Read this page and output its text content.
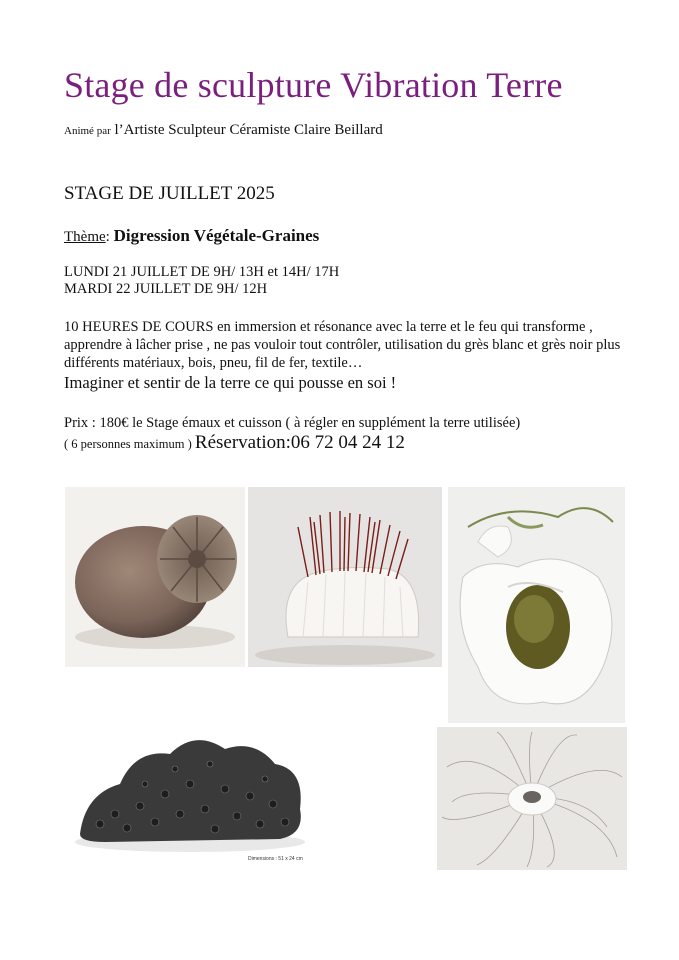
Stage de sculpture Vibration Terre
Animé par l’Artiste Sculpteur Céramiste Claire Beillard
STAGE DE JUILLET 2025
Thème: Digression Végétale-Graines
LUNDI 21 JUILLET DE 9H/ 13H et 14H/ 17H
MARDI 22 JUILLET DE 9H/ 12H
10 HEURES DE COURS en immersion et résonance avec la terre et le feu qui transforme , apprendre à lâcher prise , ne pas vouloir tout contrôler, utilisation du grès blanc et grès noir plus différents matériaux, bois, pneu, fil de fer, textile…
Imaginer et sentir de la terre ce qui pousse en soi !
Prix : 180€ le Stage émaux et cuisson ( à régler en supplément la terre utilisée)
( 6 personnes maximum ) Réservation:06 72 04 24 12
Dimensions : 51 x 24 cm
